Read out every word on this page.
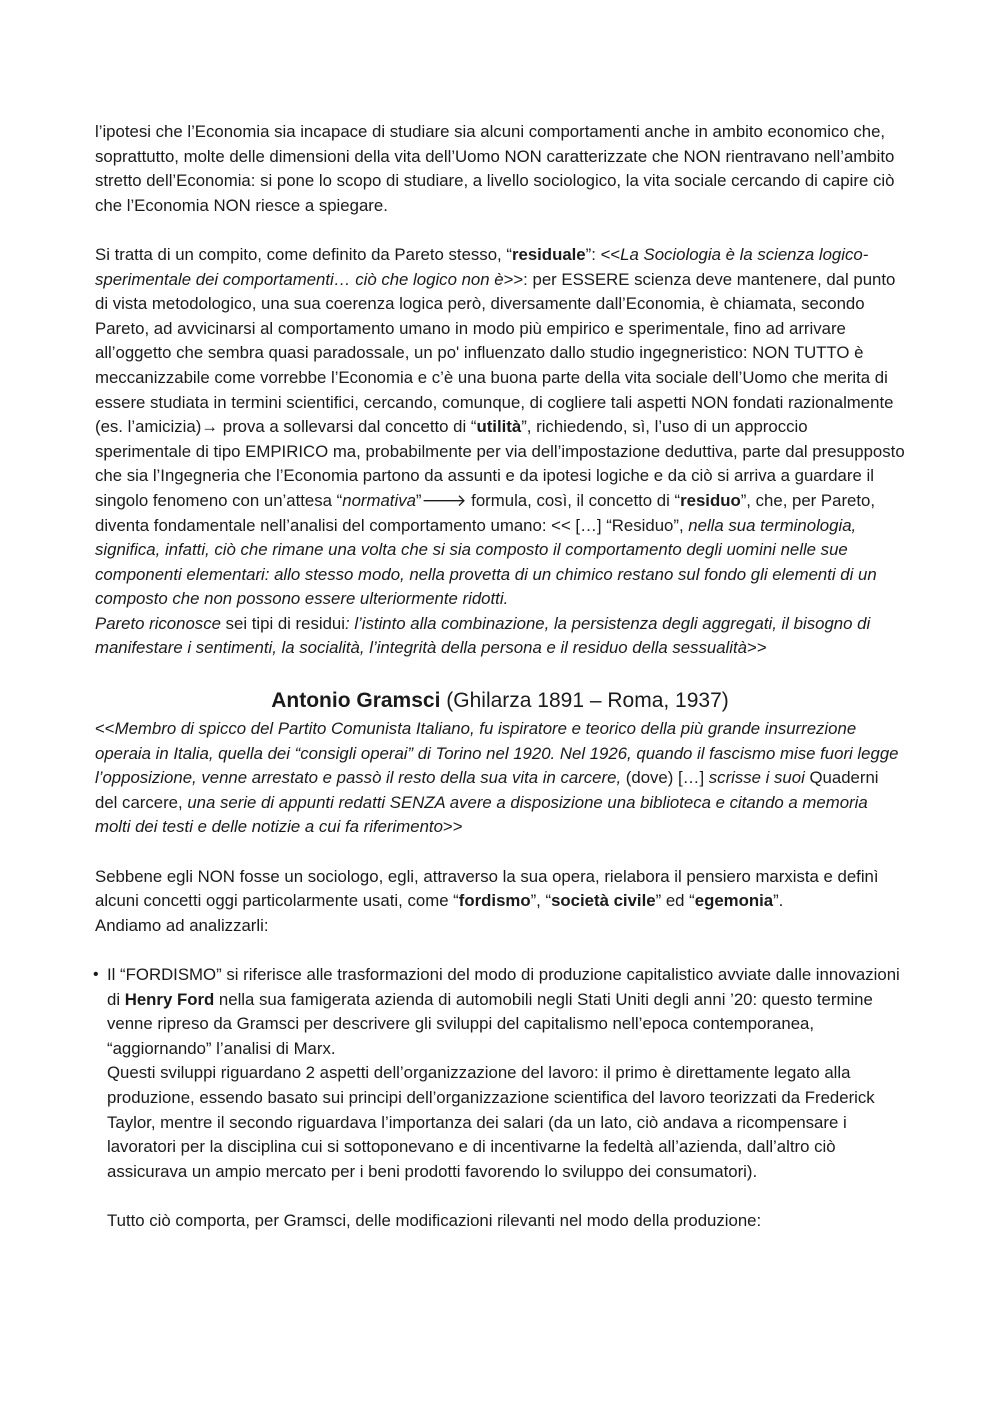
l’ipotesi che l’Economia sia incapace di studiare sia alcuni comportamenti anche in ambito economico che, soprattutto, molte delle dimensioni della vita dell’Uomo NON caratterizzate che NON rientravano nell’ambito stretto dell’Economia: si pone lo scopo di studiare, a livello sociologico, la vita sociale cercando di capire ciò che l’Economia NON riesce a spiegare.

Si tratta di un compito, come definito da Pareto stesso, “residuale”: <<La Sociologia è la scienza logico-sperimentale dei comportamenti… ciò che logico non è>>: per ESSERE scienza deve mantenere, dal punto di vista metodologico, una sua coerenza logica però, diversamente dall’Economia, è chiamata, secondo Pareto, ad avvicinarsi al comportamento umano in modo più empirico e sperimentale, fino ad arrivare all’oggetto che sembra quasi paradossale, un po' influenzato dallo studio ingegneristico: NON TUTTO è meccanizzabile come vorrebbe l’Economia e c’è una buona parte della vita sociale dell’Uomo che merita di essere studiata in termini scientifici, cercando, comunque, di cogliere tali aspetti NON fondati razionalmente (es. l’amicizia)→ prova a sollevarsi dal concetto di “utilità”, richiedendo, sì, l’uso di un approccio sperimentale di tipo EMPIRICO ma, probabilmente per via dell’impostazione deduttiva, parte dal presupposto che sia l’Ingegneria che l’Economia partono da assunti e da ipotesi logiche e da ciò si arriva a guardare il singolo fenomeno con un’attesa “normativa”🡒 formula, così, il concetto di “residuo”, che, per Pareto, diventa fondamentale nell’analisi del comportamento umano: << […] “Residuo”, nella sua terminologia, significa, infatti, ciò che rimane una volta che si sia composto il comportamento degli uomini nelle sue componenti elementari: allo stesso modo, nella provetta di un chimico restano sul fondo gli elementi di un composto che non possono essere ulteriormente ridotti.
Pareto riconosce sei tipi di residui: l’istinto alla combinazione, la persistenza degli aggregati, il bisogno di manifestare i sentimenti, la socialità, l’integrità della persona e il residuo della sessualità>>

Antonio Gramsci (Ghilarza 1891 – Roma, 1937)

<<Membro di spicco del Partito Comunista Italiano, fu ispiratore e teorico della più grande insurrezione operaia in Italia, quella dei “consigli operai” di Torino nel 1920. Nel 1926, quando il fascismo mise fuori legge l’opposizione, venne arrestato e passò il resto della sua vita in carcere, (dove) […] scrisse i suoi Quaderni del carcere, una serie di appunti redatti SENZA avere a disposizione una biblioteca e citando a memoria molti dei testi e delle notizie a cui fa riferimento>>

Sebbene egli NON fosse un sociologo, egli, attraverso la sua opera, rielabora il pensiero marxista e definì alcuni concetti oggi particolarmente usati, come “fordismo”, “società civile” ed “egemonia”.
Andiamo ad analizzarli:

• Il “FORDISMO” si riferisce alle trasformazioni del modo di produzione capitalistico avviate dalle innovazioni di Henry Ford nella sua famigerata azienda di automobili negli Stati Uniti degli anni ’20: questo termine venne ripreso da Gramsci per descrivere gli sviluppi del capitalismo nell’epoca contemporanea, “aggiornando” l’analisi di Marx.

Questi sviluppi riguardano 2 aspetti dell’organizzazione del lavoro: il primo è direttamente legato alla produzione, essendo basato sui principi dell’organizzazione scientifica del lavoro teorizzati da Frederick Taylor, mentre il secondo riguardava l’importanza dei salari (da un lato, ciò andava a ricompensare i lavoratori per la disciplina cui si sottoponevano e di incentivarne la fedeltà all’azienda, dall’altro ciò assicurava un ampio mercato per i beni prodotti favorendo lo sviluppo dei consumatori).

Tutto ciò comporta, per Gramsci, delle modificazioni rilevanti nel modo della produzione:
